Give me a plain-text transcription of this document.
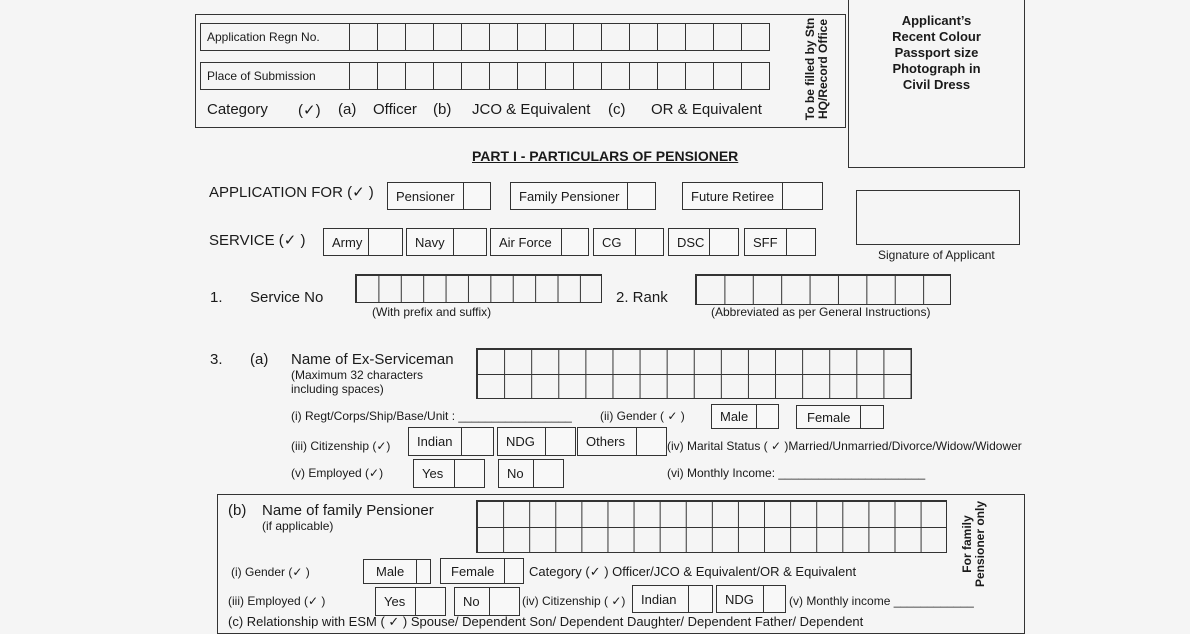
Application Regn No.
Place of Submission
Category (✓) (a) Officer (b) JCO & Equivalent (c) OR & Equivalent	To be filled by Stn HQ/Record Office	Applicant’s
Recent Colour
Passport size
Photograph in
Civil Dress
PART I - PARTICULARS OF PENSIONER
APPLICATION FOR (✓ )	Pensioner	Family Pensioner	Future Retiree
Signature of Applicant
SERVICE (✓ )	Army	Navy	Air Force	CG	DSC	SFF
1. Service No
(With prefix and suffix)
2. Rank
(Abbreviated as per General Instructions)
3. (a) Name of Ex-Serviceman
(Maximum 32 characters
including spaces)
(i) Regt/Corps/Ship/Base/Unit : _________________ (ii) Gender ( ✓ )	Male	Female
(iii) Citizenship (✓)	Indian	NDG	Others	(iv) Marital Status ( ✓ )Married/Unmarried/Divorce/Widow/Widower
(v) Employed (✓)	Yes	No	(vi) Monthly Income: ______________________
(b) Name of family Pensioner
(if applicable)	For family Pensioner only
(i) Gender (✓ )	Male	Female	Category (✓ ) Officer/JCO & Equivalent/OR & Equivalent
(iii) Employed (✓ )	Yes	No	(iv) Citizenship ( ✓)	Indian	NDG	(v) Monthly income ____________
(c) Relationship with ESM ( ✓ ) Spouse/ Dependent Son/ Dependent Daughter/ Dependent Father/ Dependent
